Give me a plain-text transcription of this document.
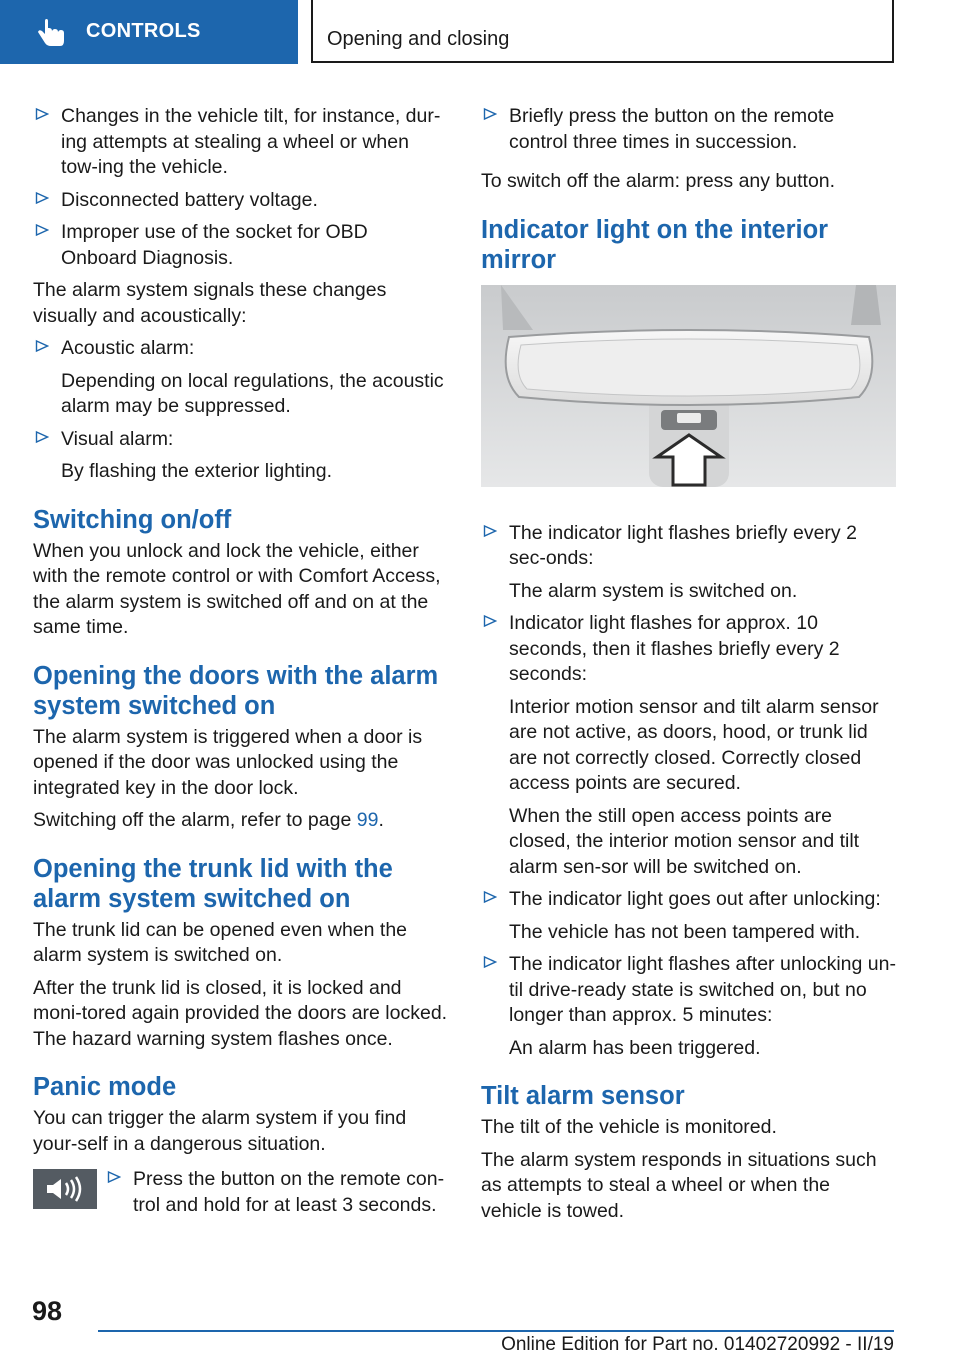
CONTROLS	Opening and closing
Changes in the vehicle tilt, for instance, dur-ing attempts at stealing a wheel or when tow-ing the vehicle.
Disconnected battery voltage.
Improper use of the socket for OBD Onboard Diagnosis.

The alarm system signals these changes visually and acoustically:

Acoustic alarm:
Depending on local regulations, the acoustic alarm may be suppressed.
Visual alarm:
By flashing the exterior lighting.
Switching on/off

When you unlock and lock the vehicle, either with the remote control or with Comfort Access, the alarm system is switched off and on at the same time.

Opening the doors with the alarm system switched on

The alarm system is triggered when a door is opened if the door was unlocked using the integrated key in the door lock.

Switching off the alarm, refer to page 99.

Opening the trunk lid with the alarm system switched on

The trunk lid can be opened even when the alarm system is switched on.

After the trunk lid is closed, it is locked and moni-tored again provided the doors are locked. The hazard warning system flashes once.

Panic mode

You can trigger the alarm system if you find your-self in a dangerous situation.

Press the button on the remote con-trol and hold for at least 3 seconds.
Briefly press the button on the remote control three times in succession.

To switch off the alarm: press any button.

Indicator light on the interior mirror
The indicator light flashes briefly every 2 sec-onds:
The alarm system is switched on.
Indicator light flashes for approx. 10 seconds, then it flashes briefly every 2 seconds:
Interior motion sensor and tilt alarm sensor are not active, as doors, hood, or trunk lid are not correctly closed. Correctly closed access points are secured.
When the still open access points are closed, the interior motion sensor and tilt alarm sen-sor will be switched on.
The indicator light goes out after unlocking:
The vehicle has not been tampered with.
The indicator light flashes after unlocking un-til drive-ready state is switched on, but no longer than approx. 5 minutes:
An alarm has been triggered.
Tilt alarm sensor

The tilt of the vehicle is monitored.

The alarm system responds in situations such as attempts to steal a wheel or when the vehicle is towed.

98
Online Edition for Part no. 01402720992 - II/19
